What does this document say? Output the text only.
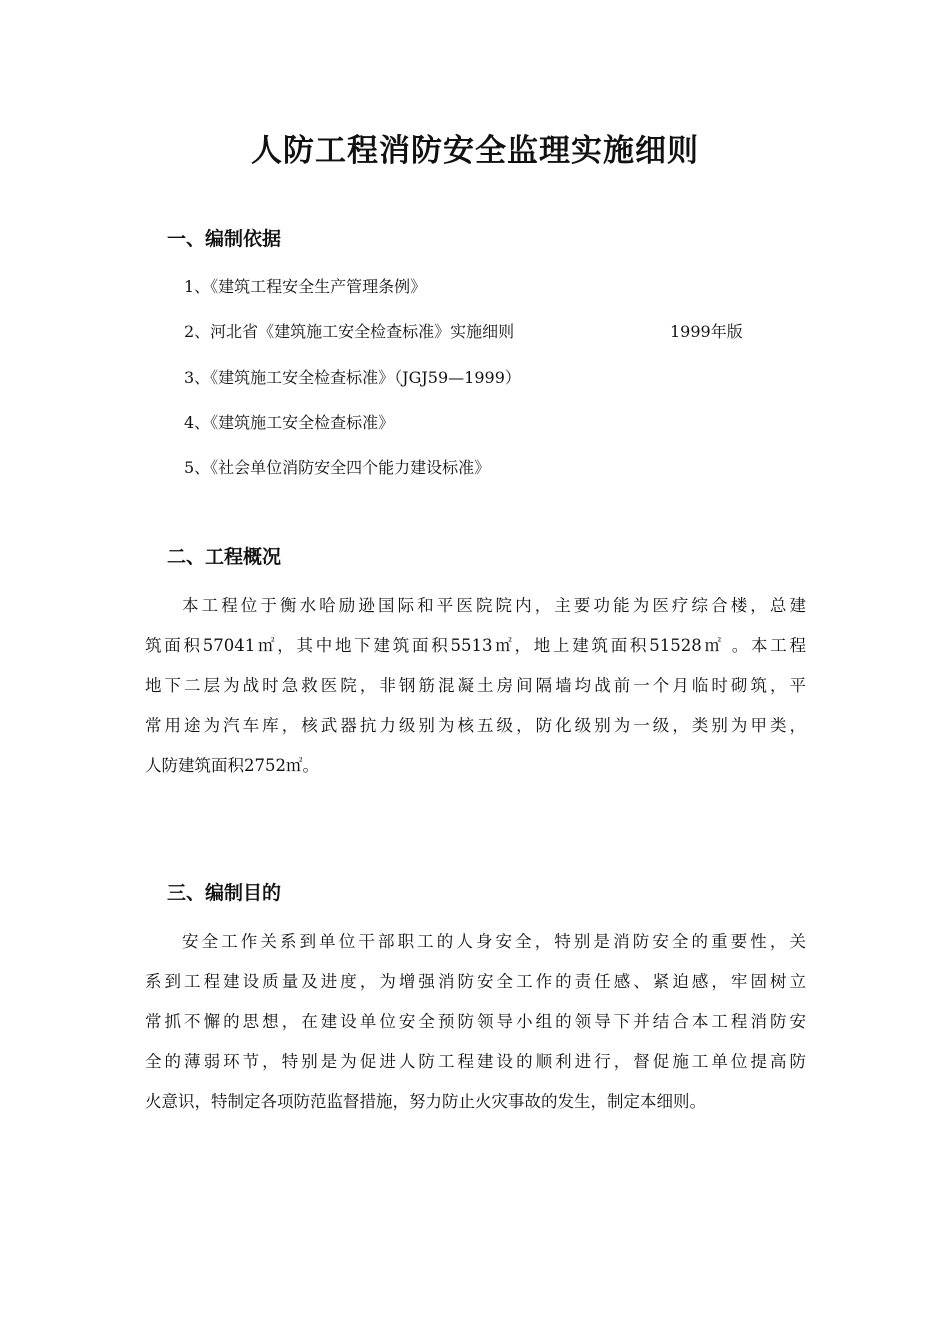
人防工程消防安全监理实施细则
一、编制依据
1、《建筑工程安全生产管理条例》
2、河北省《建筑施工安全检查标准》实施细则	1999年版
3、《建筑施工安全检查标准》（JGJ59—1999）
4、《建筑施工安全检查标准》
5、《社会单位消防安全四个能力建设标准》
二、工程概况
本工程位于衡水哈励逊国际和平医院院内，主要功能为医疗综合楼，总建
筑面积57041㎡，其中地下建筑面积5513㎡，地上建筑面积51528㎡ 。本工程
地下二层为战时急救医院，非钢筋混凝土房间隔墙均战前一个月临时砌筑，平
常用途为汽车库，核武器抗力级别为核五级，防化级别为一级，类别为甲类，
人防建筑面积2752㎡。
三、编制目的
安全工作关系到单位干部职工的人身安全，特别是消防安全的重要性，关
系到工程建设质量及进度，为增强消防安全工作的责任感、紧迫感，牢固树立
常抓不懈的思想，在建设单位安全预防领导小组的领导下并结合本工程消防安
全的薄弱环节，特别是为促进人防工程建设的顺利进行，督促施工单位提高防
火意识，特制定各项防范监督措施，努力防止火灾事故的发生，制定本细则。
